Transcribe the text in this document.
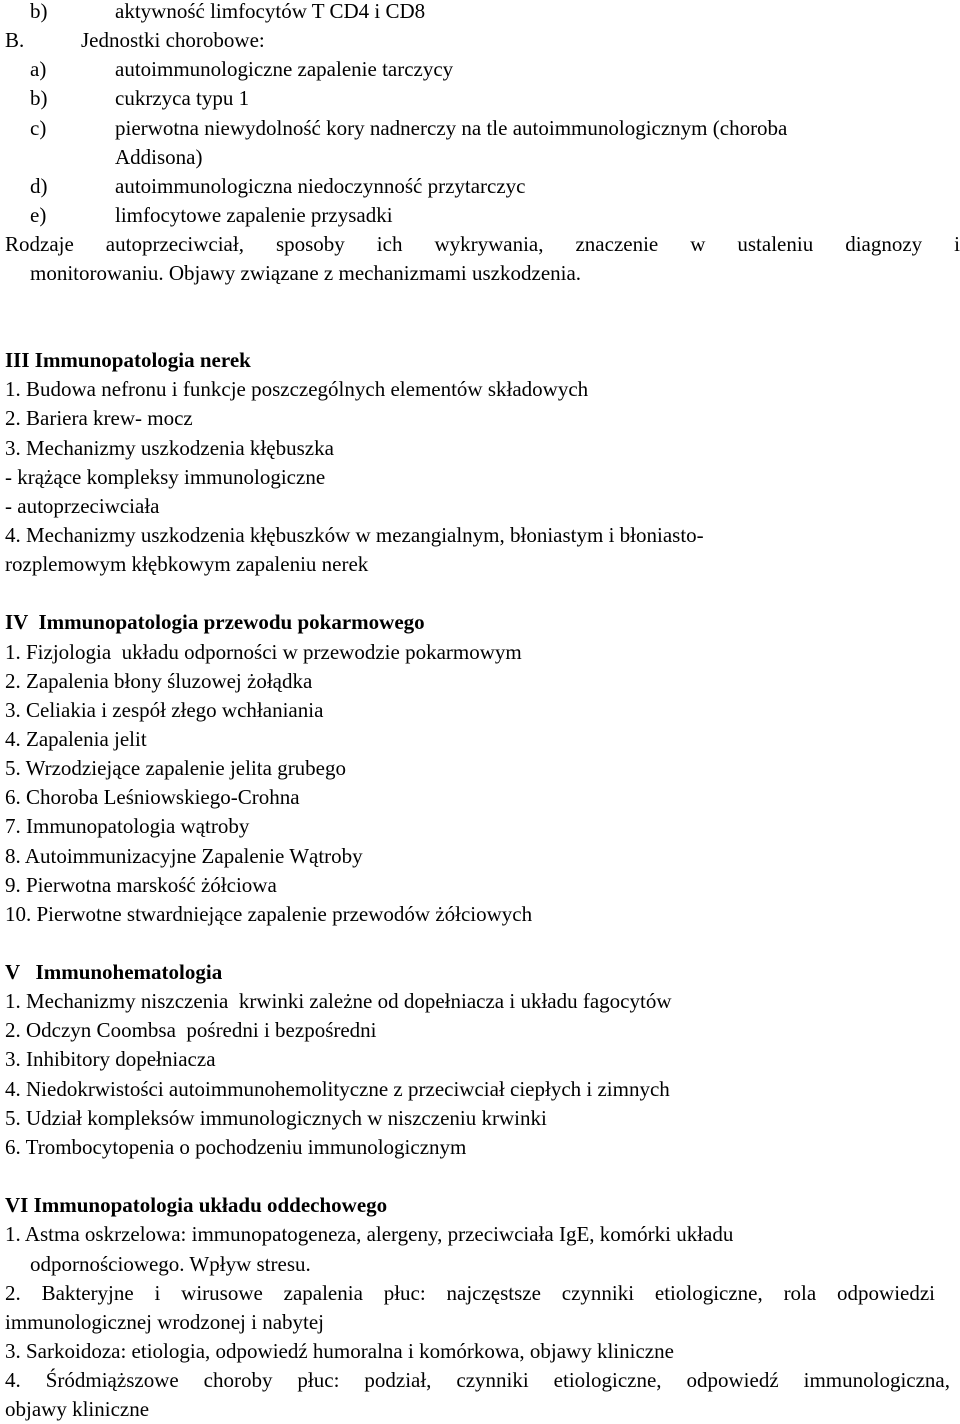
b)	aktywność limfocytów T CD4 i CD8
B.	Jednostki chorobowe:
a)	autoimmunologiczne zapalenie tarczycy
b)	cukrzyca typu 1
c)	pierwotna niewydolność kory nadnerczy na tle autoimmunologicznym (choroba
Addisona)
d)	autoimmunologiczna niedoczynność przytarczyc
e)	limfocytowe zapalenie przysadki
Rodzaje autoprzeciwciał, sposoby ich wykrywania, znaczenie w ustaleniu diagnozy i
monitorowaniu. Objawy związane z mechanizmami uszkodzenia.
III Immunopatologia nerek
1. Budowa nefronu i funkcje poszczególnych elementów składowych
2. Bariera krew- mocz
3. Mechanizmy uszkodzenia kłębuszka
- krążące kompleksy immunologiczne
- autoprzeciwciała
4. Mechanizmy uszkodzenia kłębuszków w mezangialnym, błoniastym i błoniasto-
rozplemowym kłębkowym zapaleniu nerek
IV  Immunopatologia przewodu pokarmowego
1. Fizjologia  układu odporności w przewodzie pokarmowym
2. Zapalenia błony śluzowej żołądka
3. Celiakia i zespół złego wchłaniania
4. Zapalenia jelit
5. Wrzodziejące zapalenie jelita grubego
6. Choroba Leśniowskiego-Crohna
7. Immunopatologia wątroby
8. Autoimmunizacyjne Zapalenie Wątroby
9. Pierwotna marskość żółciowa
10. Pierwotne stwardniejące zapalenie przewodów żółciowych
V   Immunohematologia
1. Mechanizmy niszczenia  krwinki zależne od dopełniacza i układu fagocytów
2. Odczyn Coombsa  pośredni i bezpośredni
3. Inhibitory dopełniacza
4. Niedokrwistości autoimmunohemolityczne z przeciwciał ciepłych i zimnych
5. Udział kompleksów immunologicznych w niszczeniu krwinki
6. Trombocytopenia o pochodzeniu immunologicznym
VI Immunopatologia układu oddechowego
1. Astma oskrzelowa: immunopatogeneza, alergeny, przeciwciała IgE, komórki układu
odpornościowego. Wpływ stresu.
2. Bakteryjne i wirusowe zapalenia płuc: najczęstsze czynniki etiologiczne, rola odpowiedzi
immunologicznej wrodzonej i nabytej
3. Sarkoidoza: etiologia, odpowiedź humoralna i komórkowa, objawy kliniczne
4. Śródmiąższowe choroby płuc: podział, czynniki etiologiczne, odpowiedź immunologiczna,
objawy kliniczne
